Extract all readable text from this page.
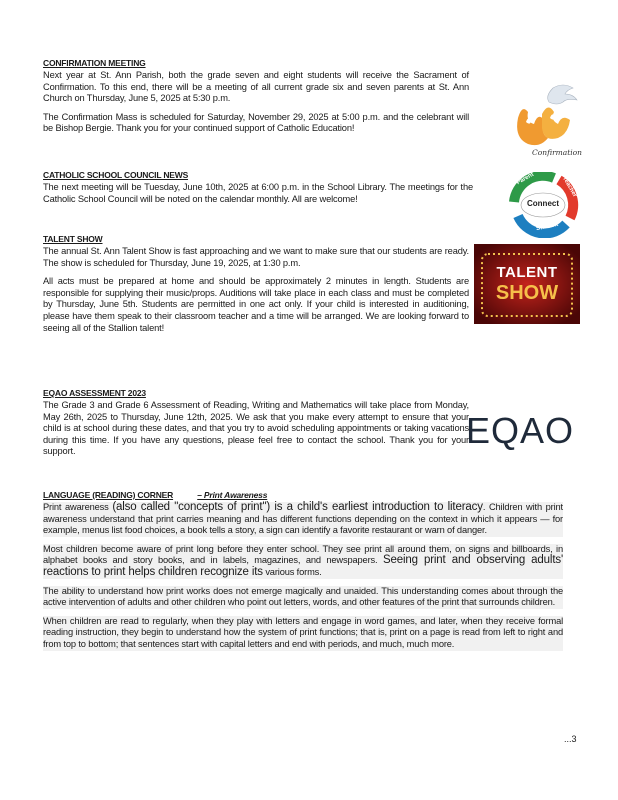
CONFIRMATION MEETING

Next year at St. Ann Parish, both the grade seven and eight students will receive the Sacrament of Confirmation. To this end, there will be a meeting of all current grade six and seven parents at St. Ann Church on Thursday, June 5, 2025 at 5:30 p.m.

The Confirmation Mass is scheduled for Saturday, November 29, 2025 at 5:00 p.m. and the celebrant will be Bishop Bergie. Thank you for your continued support of Catholic Education!

Confirmation
CATHOLIC SCHOOL COUNCIL NEWS

The next meeting will be Tuesday, June 10th, 2025 at 6:00 p.m. in the School Library. The meetings for the Catholic School Council will be noted on the calendar monthly. All are welcome!

Parent	Teacher
Student
Connect
TALENT SHOW

The annual St. Ann Talent Show is fast approaching and we want to make sure that our students are ready. The show is scheduled for Thursday, June 19, 2025, at 1:30 p.m.

All acts must be prepared at home and should be approximately 2 minutes in length. Students are responsible for supplying their music/props. Auditions will take place in each class and must be completed by Thursday, June 5th. Students are permitted in one act only. If your child is interested in auditioning, please have them speak to their classroom teacher and a time will be arranged. We are looking forward to seeing all of the Stallion talent!

TALENT
SHOW
EQAO ASSESSMENT 2023

The Grade 3 and Grade 6 Assessment of Reading, Writing and Mathematics will take place from Monday, May 26th, 2025 to Thursday, June 12th, 2025. We ask that you make every attempt to ensure that your child is at school during these dates, and that you try to avoid scheduling appointments or taking vacations during this time. If you have any questions, please feel free to contact the school. Thank you for your support.

EQAO
LANGUAGE (READING) CORNER	– Print Awareness

Print awareness (also called "concepts of print") is a child's earliest introduction to literacy. Children with print awareness understand that print carries meaning and has different functions depending on the context in which it appears — for example, menus list food choices, a book tells a story, a sign can identify a favorite restaurant or warn of danger.

Most children become aware of print long before they enter school. They see print all around them, on signs and billboards, in alphabet books and story books, and in labels, magazines, and newspapers. Seeing print and observing adults' reactions to print helps children recognize its various forms.

The ability to understand how print works does not emerge magically and unaided. This understanding comes about through the active intervention of adults and other children who point out letters, words, and other features of the print that surrounds children.

When children are read to regularly, when they play with letters and engage in word games, and later, when they receive formal reading instruction, they begin to understand how the system of print functions; that is, print on a page is read from left to right and from top to bottom; that sentences start with capital letters and end with periods, and much, much more.

...3
